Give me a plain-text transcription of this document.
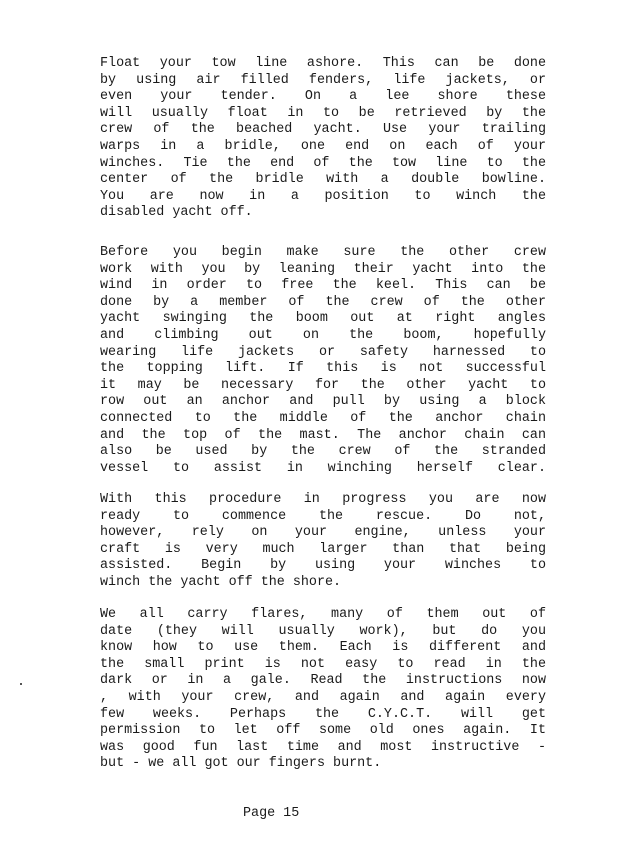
Float your tow line ashore. This can be done
by using air filled fenders, life jackets, or
even your tender. On a lee shore these
will usually float in to be retrieved by the
crew of the beached yacht. Use your trailing
warps in a bridle, one end on each of your
winches. Tie the end of the tow line to the
center of the bridle with a double bowline.
You are now in a position to winch the
disabled yacht off.
Before you begin make sure the other crew
work with you by leaning their yacht into the
wind in order to free the keel. This can be
done by a member of the crew of the other
yacht swinging the boom out at right angles
and climbing out on the boom, hopefully
wearing life jackets or safety harnessed to
the topping lift. If this is not successful
it may be necessary for the other yacht to
row out an anchor and pull by using a block
connected to the middle of the anchor chain
and the top of the mast. The anchor chain can
also be used by the crew of the stranded
vessel to assist in winching herself clear.
With this procedure in progress you are now
ready to commence the rescue. Do not,
however, rely on your engine, unless your
craft is very much larger than that being
assisted. Begin by using your winches to
winch the yacht off the shore.
We all carry flares, many of them out of
date (they will usually work), but do you
know how to use them. Each is different and
the small print is not easy to read in the
dark or in a gale. Read the instructions now
, with your crew, and again and again every
few weeks. Perhaps the C.Y.C.T. will get
permission to let off some old ones again. It
was good fun last time and most instructive -
but - we all got our fingers burnt.
Page 15
